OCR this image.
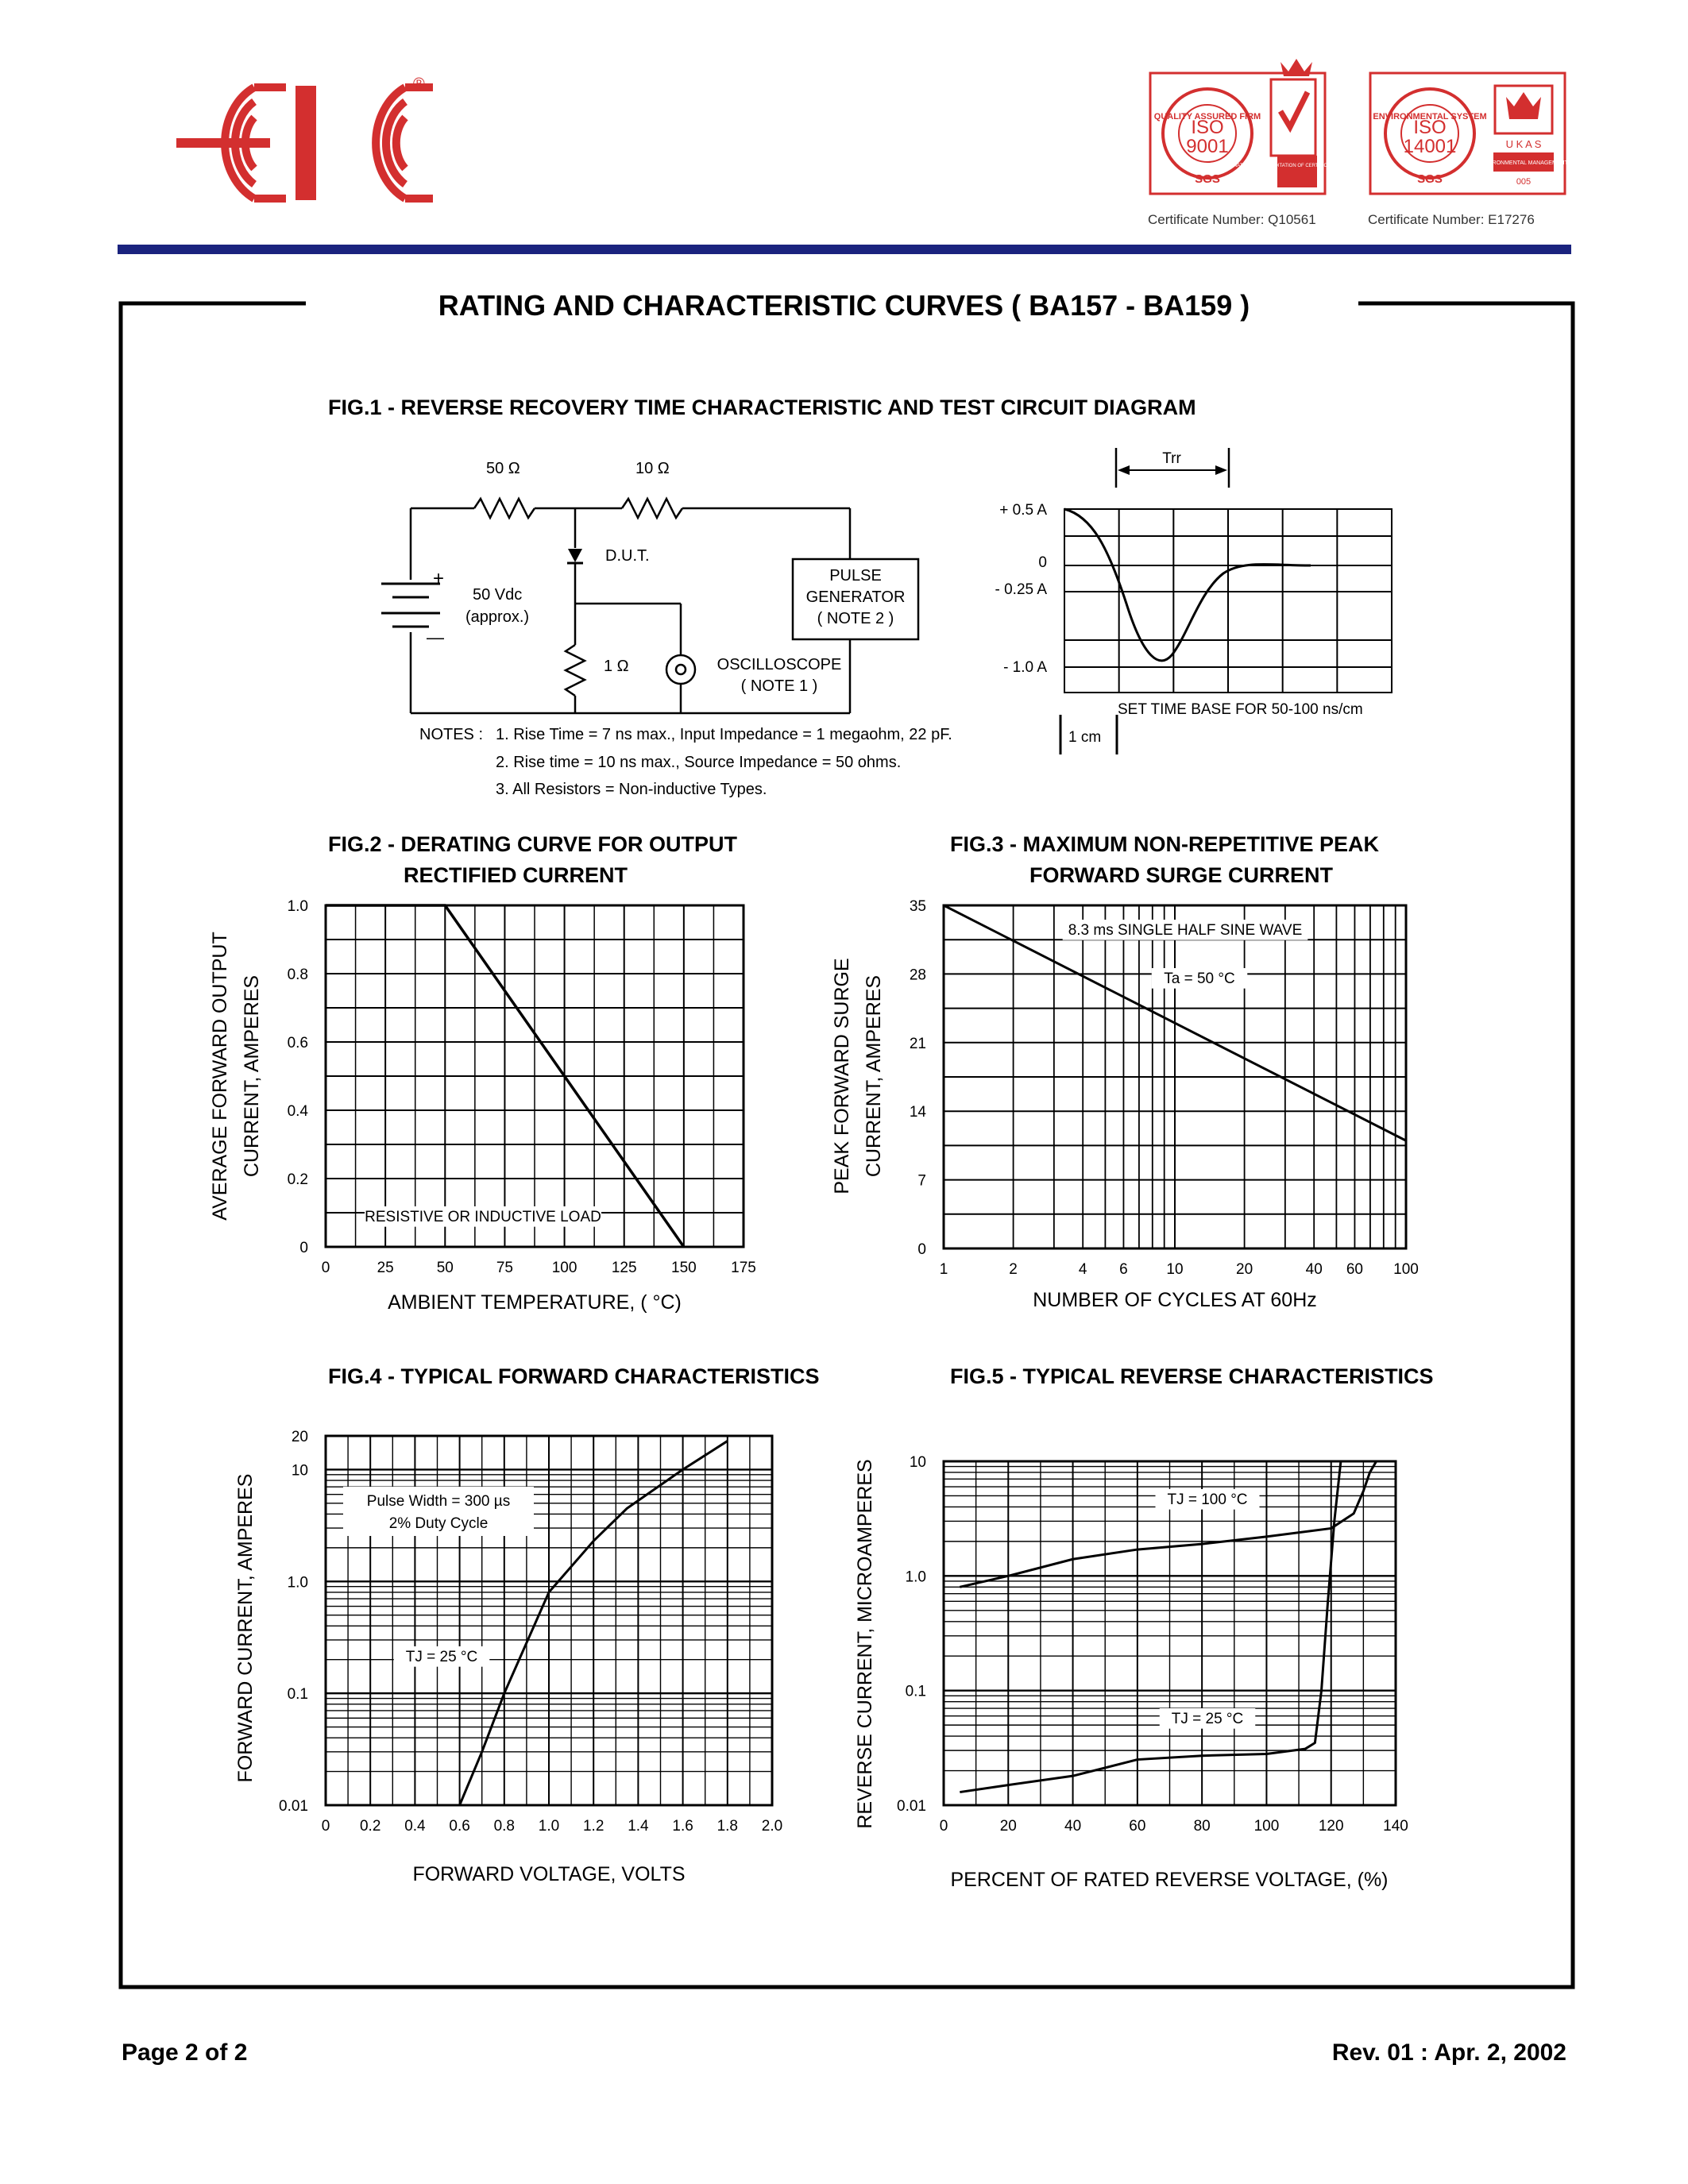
®
QUALITY ASSURED FIRM
ISO
9001
SGS
NATIONAL ACCREDITATION OF CERTIFICATION BODIES
Certificate Number: Q10561
ENVIRONMENTAL SYSTEM
ISO
14001
SGS
U K A S
ENVIRONMENTAL MANAGEMENT
005
Certificate Number: E17276
RATING AND CHARACTERISTIC CURVES ( BA157 - BA159 )
FIG.1 - REVERSE RECOVERY TIME CHARACTERISTIC AND TEST CIRCUIT DIAGRAM
50 Ω	10 Ω
1 Ω
+
—
50 Vdc
(approx.)
D.U.T.
PULSE
GENERATOR
( NOTE 2 )
OSCILLOSCOPE
( NOTE 1 )
NOTES : 1. Rise Time = 7 ns max., Input Impedance = 1 megaohm, 22 pF.
2. Rise time = 10 ns max., Source Impedance = 50 ohms.
3. All Resistors = Non-inductive Types.
Trr
+ 0.5 A
0
- 0.25 A
- 1.0 A
SET TIME BASE FOR 50-100 ns/cm
1 cm
FIG.2 - DERATING CURVE FOR OUTPUT
RECTIFIED CURRENT
0	25	50	75	100 125 150 175
0
0.2
0.4
0.6
0.8
1.0
AMBIENT TEMPERATURE, ( °C)
AVERAGE FORWARD OUTPUT CURRENT, AMPERES
RESISTIVE OR INDUCTIVE LOAD
FIG.3 - MAXIMUM NON-REPETITIVE PEAK
FORWARD SURGE CURRENT
1	2	4 6	10	20	40 60 100
0
7
14
21
28
35
NUMBER OF CYCLES AT 60Hz
PEAK FORWARD SURGE CURRENT, AMPERES
8.3 ms SINGLE HALF SINE WAVE
Ta = 50 °C
FIG.4 - TYPICAL FORWARD CHARACTERISTICS
0 0.2 0.4 0.6 0.8 1.0 1.2 1.4 1.6 1.8 2.0
0.01
0.1
1.0
10
20
FORWARD VOLTAGE, VOLTS
FORWARD CURRENT, AMPERES	Pulse Width = 300 µs
2% Duty Cycle
TJ = 25 °C
FIG.5 - TYPICAL REVERSE CHARACTERISTICS
0	20	40	60	80	100	120	140
0.01
0.1
1.0
10
PERCENT OF RATED REVERSE VOLTAGE, (%)
REVERSE CURRENT, MICROAMPERES	TJ = 100 °C
TJ = 25 °C
Page 2 of 2	Rev. 01 : Apr. 2, 2002
